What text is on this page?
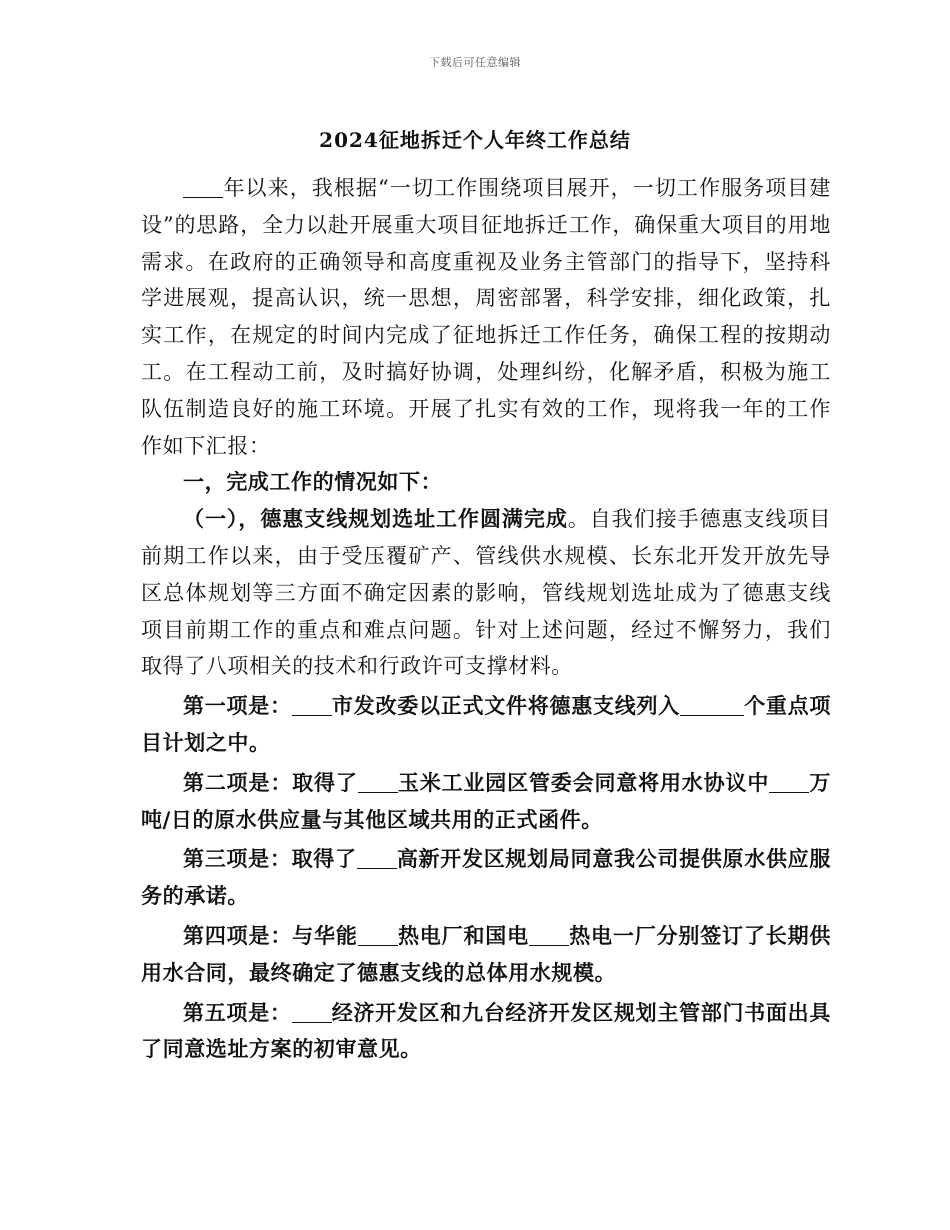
下载后可任意编辑
2024征地拆迁个人年终工作总结

年以来，我根据“一切工作围绕项目展开，一切工作服务项目建设”的思路，全力以赴开展重大项目征地拆迁工作，确保重大项目的用地需求。在政府的正确领导和高度重视及业务主管部门的指导下，坚持科学进展观，提高认识，统一思想，周密部署，科学安排，细化政策，扎实工作，在规定的时间内完成了征地拆迁工作任务，确保工程的按期动工。在工程动工前，及时搞好协调，处理纠纷，化解矛盾，积极为施工队伍制造良好的施工环境。开展了扎实有效的工作，现将我一年的工作作如下汇报：

一，完成工作的情况如下：

（一），德惠支线规划选址工作圆满完成。自我们接手德惠支线项目前期工作以来，由于受压覆矿产、管线供水规模、长东北开发开放先导区总体规划等三方面不确定因素的影响，管线规划选址成为了德惠支线项目前期工作的重点和难点问题。针对上述问题，经过不懈努力，我们取得了八项相关的技术和行政许可支撑材料。

第一项是： 市发改委以正式文件将德惠支线列入	个重点项目计划之中。

第二项是：取得了 玉米工业园区管委会同意将用水协议中 万吨/日的原水供应量与其他区域共用的正式函件。

第三项是：取得了 高新开发区规划局同意我公司提供原水供应服务的承诺。

第四项是：与华能 热电厂和国电 热电一厂分别签订了长期供用水合同，最终确定了德惠支线的总体用水规模。

第五项是： 经济开发区和九台经济开发区规划主管部门书面出具了同意选址方案的初审意见。
